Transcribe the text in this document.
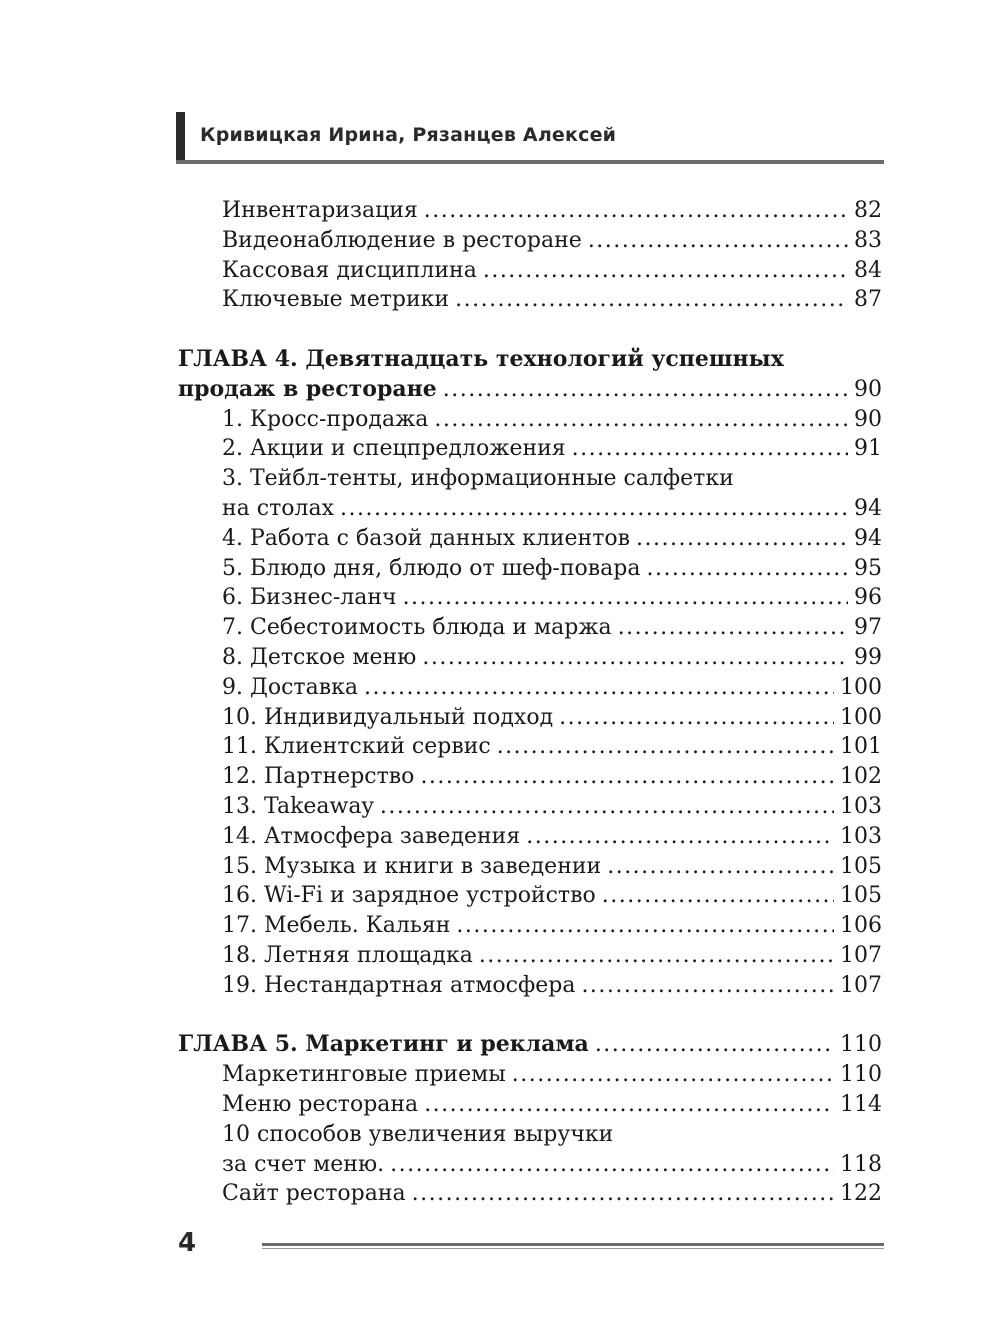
Кривицкая Ирина, Рязанцев Алексей
Инвентаризация .....	82
Видеонаблюдение в ресторане .....	83
Кассовая дисциплина .....	84
Ключевые метрики .....	87
ГЛАВА 4. Девятнадцать технологий успешных
продаж в ресторане .....	90
1. Кросс-продажа .....	90
2. Акции и спецпредложения .....	91
3. Тейбл-тенты, информационные салфетки
на столах .....	94
4. Работа с базой данных клиентов .....	94
5. Блюдо дня, блюдо от шеф-повара .....	95
6. Бизнес-ланч .....	96
7. Себестоимость блюда и маржа .....	97
8. Детское меню .....	99
9. Доставка .....	100
10. Индивидуальный подход .....	100
11. Клиентский сервис .....	101
12. Партнерство .....	102
13. Takeaway .....	103
14. Атмосфера заведения .....	103
15. Музыка и книги в заведении .....	105
16. Wi-Fi и зарядное устройство .....	105
17. Мебель. Кальян .....	106
18. Летняя площадка .....	107
19. Нестандартная атмосфера .....	107
ГЛАВА 5. Маркетинг и реклама .....	110
Маркетинговые приемы .....	110
Меню ресторана .....	114
10 способов увеличения выручки
за счет меню. .....	118
Сайт ресторана .....	122
4
